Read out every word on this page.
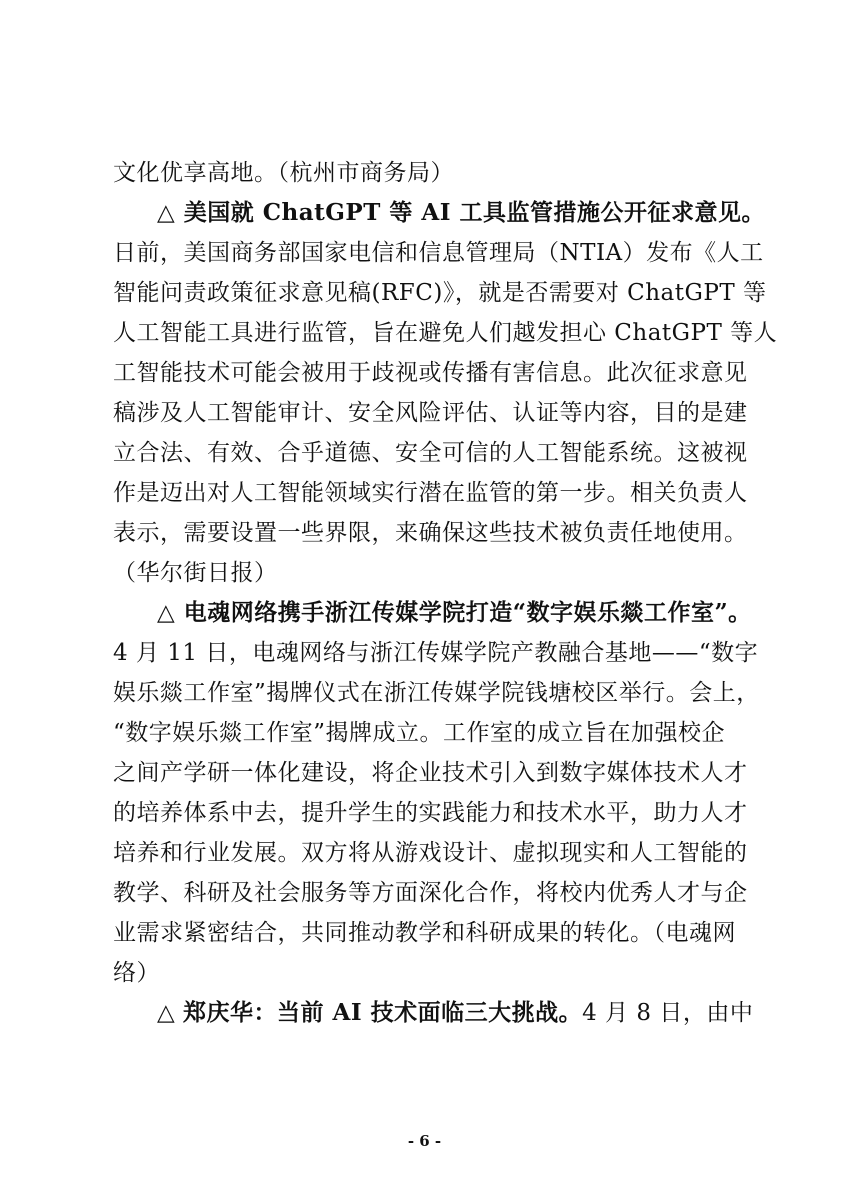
文化优享高地。（杭州市商务局）
△ 美国就 ChatGPT 等 AI 工具监管措施公开征求意见。
日前，美国商务部国家电信和信息管理局（NTIA）发布《人工
智能问责政策征求意见稿(RFC)》，就是否需要对 ChatGPT 等
人工智能工具进行监管，旨在避免人们越发担心 ChatGPT 等人
工智能技术可能会被用于歧视或传播有害信息。此次征求意见
稿涉及人工智能审计、安全风险评估、认证等内容，目的是建
立合法、有效、合乎道德、安全可信的人工智能系统。这被视
作是迈出对人工智能领域实行潜在监管的第一步。相关负责人
表示，需要设置一些界限，来确保这些技术被负责任地使用。
（华尔街日报）
△ 电魂网络携手浙江传媒学院打造“数字娱乐燚工作室”。
4 月 11 日，电魂网络与浙江传媒学院产教融合基地——“数字
娱乐燚工作室”揭牌仪式在浙江传媒学院钱塘校区举行。会上，
“数字娱乐燚工作室”揭牌成立。工作室的成立旨在加强校企
之间产学研一体化建设，将企业技术引入到数字媒体技术人才
的培养体系中去，提升学生的实践能力和技术水平，助力人才
培养和行业发展。双方将从游戏设计、虚拟现实和人工智能的
教学、科研及社会服务等方面深化合作，将校内优秀人才与企
业需求紧密结合，共同推动教学和科研成果的转化。（电魂网
络）
△ 郑庆华：当前 AI 技术面临三大挑战。4 月 8 日，由中
- 6 -
